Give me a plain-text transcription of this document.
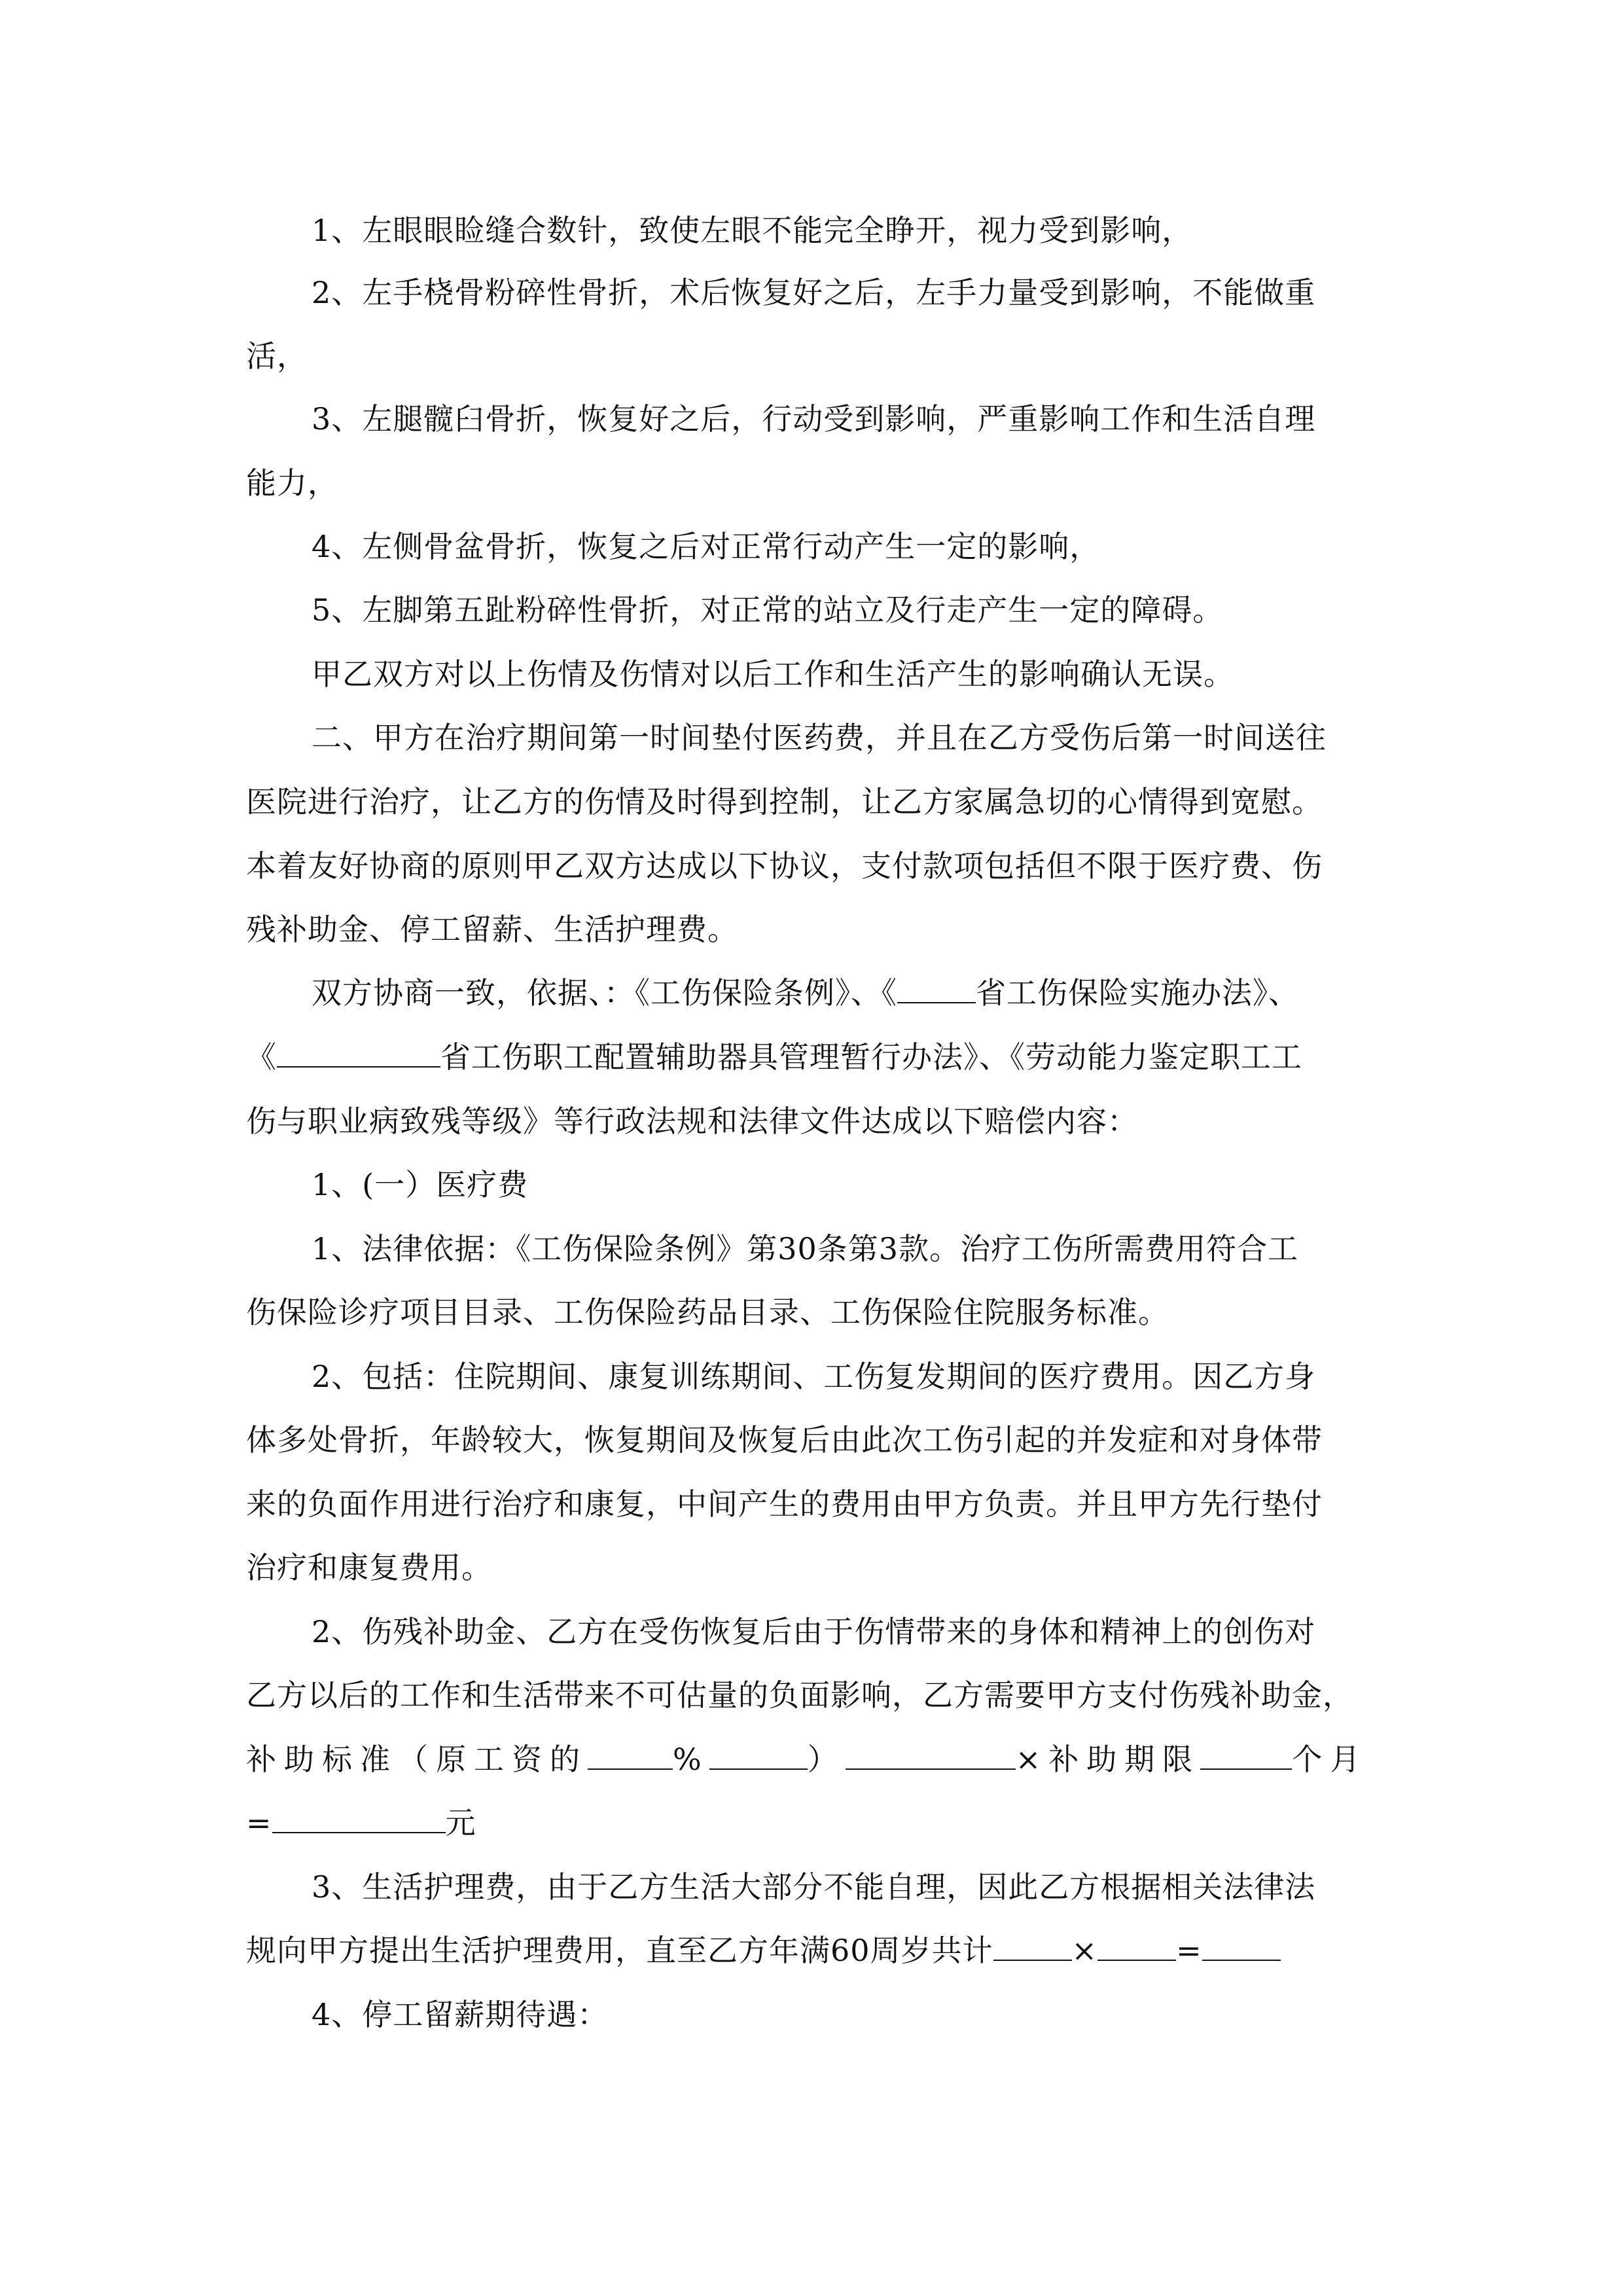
1、左眼眼睑缝合数针，致使左眼不能完全睁开，视力受到影响，
2、左手桡骨粉碎性骨折，术后恢复好之后，左手力量受到影响，不能做重
活，
3、左腿髋臼骨折，恢复好之后，行动受到影响，严重影响工作和生活自理
能力，
4、左侧骨盆骨折，恢复之后对正常行动产生一定的影响，
5、左脚第五趾粉碎性骨折，对正常的站立及行走产生一定的障碍。
甲乙双方对以上伤情及伤情对以后工作和生活产生的影响确认无误。
二、甲方在治疗期间第一时间垫付医药费，并且在乙方受伤后第一时间送往
医院进行治疗，让乙方的伤情及时得到控制，让乙方家属急切的心情得到宽慰。
本着友好协商的原则甲乙双方达成以下协议，支付款项包括但不限于医疗费、伤
残补助金、停工留薪、生活护理费。
双方协商一致，依据、：《工伤保险条例》、《	省工伤保险实施办法》、
《	省工伤职工配置辅助器具管理暂行办法》、《劳动能力鉴定职工工
伤与职业病致残等级》等行政法规和法律文件达成以下赔偿内容：
1、(一）医疗费
1、法律依据：《工伤保险条例》第30条第3款。治疗工伤所需费用符合工
伤保险诊疗项目目录、工伤保险药品目录、工伤保险住院服务标准。
2、包括：住院期间、康复训练期间、工伤复发期间的医疗费用。因乙方身
体多处骨折，年龄较大，恢复期间及恢复后由此次工伤引起的并发症和对身体带
来的负面作用进行治疗和康复，中间产生的费用由甲方负责。并且甲方先行垫付
治疗和康复费用。
2、伤残补助金、乙方在受伤恢复后由于伤情带来的身体和精神上的创伤对
乙方以后的工作和生活带来不可估量的负面影响，乙方需要甲方支付伤残补助金，
补助标准（原工资的	%	）	×补助期限	个月
=	元
3、生活护理费，由于乙方生活大部分不能自理，因此乙方根据相关法律法
规向甲方提出生活护理费用，直至乙方年满60周岁共计	×	=
4、停工留薪期待遇：
